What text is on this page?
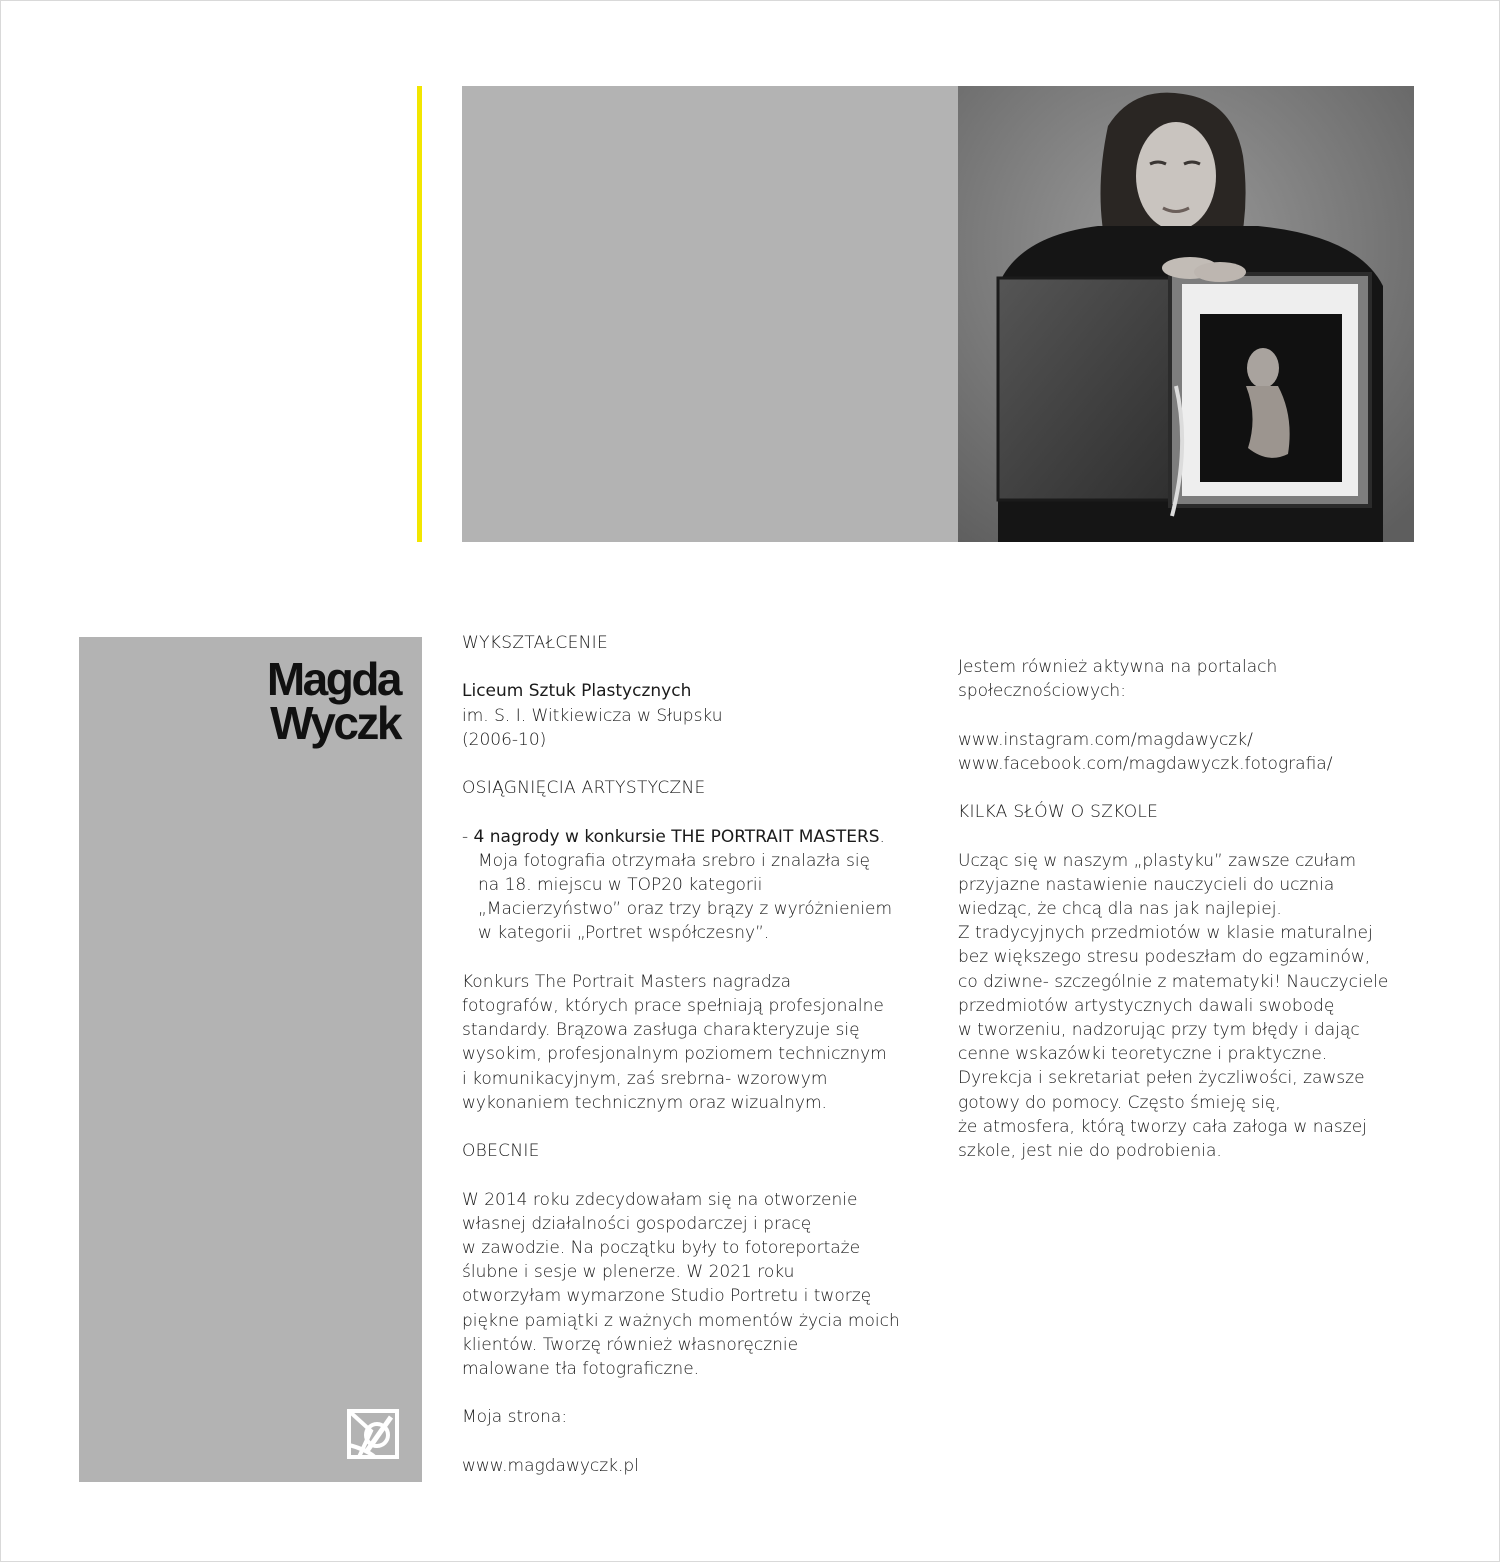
Magda
Wyczk

WYKSZTAŁCENIE

Liceum Sztuk Plastycznych

im. S. I. Witkiewicza w Słupsku

(2006-10)

OSIĄGNIĘCIA ARTYSTYCZNE

- 4 nagrody w konkursie THE PORTRAIT MASTERS.

Moja fotografia otrzymała srebro i znalazła się
na 18. miejscu w TOP20 kategorii
„Macierzyństwo” oraz trzy brązy z wyróżnieniem
w kategorii „Portret współczesny”.

Konkurs The Portrait Masters nagradza
fotografów, których prace spełniają profesjonalne
standardy. Brązowa zasługa charakteryzuje się
wysokim, profesjonalnym poziomem technicznym
i komunikacyjnym, zaś srebrna- wzorowym
wykonaniem technicznym oraz wizualnym.

OBECNIE

W 2014 roku zdecydowałam się na otworzenie
własnej działalności gospodarczej i pracę
w zawodzie. Na początku były to fotoreportaże
ślubne i sesje w plenerze. W 2021 roku
otworzyłam wymarzone Studio Portretu i tworzę
piękne pamiątki z ważnych momentów życia moich
klientów. Tworzę również własnoręcznie
malowane tła fotograficzne.

Moja strona:

www.magdawyczk.pl

Jestem również aktywna na portalach
społecznościowych:

www.instagram.com/magdawyczk/

www.facebook.com/magdawyczk.fotografia/

KILKA SŁÓW O SZKOLE

Ucząc się w naszym „plastyku” zawsze czułam
przyjazne nastawienie nauczycieli do ucznia
wiedząc, że chcą dla nas jak najlepiej.
Z tradycyjnych przedmiotów w klasie maturalnej
bez większego stresu podeszłam do egzaminów,
co dziwne- szczególnie z matematyki! Nauczyciele
przedmiotów artystycznych dawali swobodę
w tworzeniu, nadzorując przy tym błędy i dając
cenne wskazówki teoretyczne i praktyczne.
Dyrekcja i sekretariat pełen życzliwości, zawsze
gotowy do pomocy. Często śmieję się,
że atmosfera, którą tworzy cała załoga w naszej
szkole, jest nie do podrobienia.
